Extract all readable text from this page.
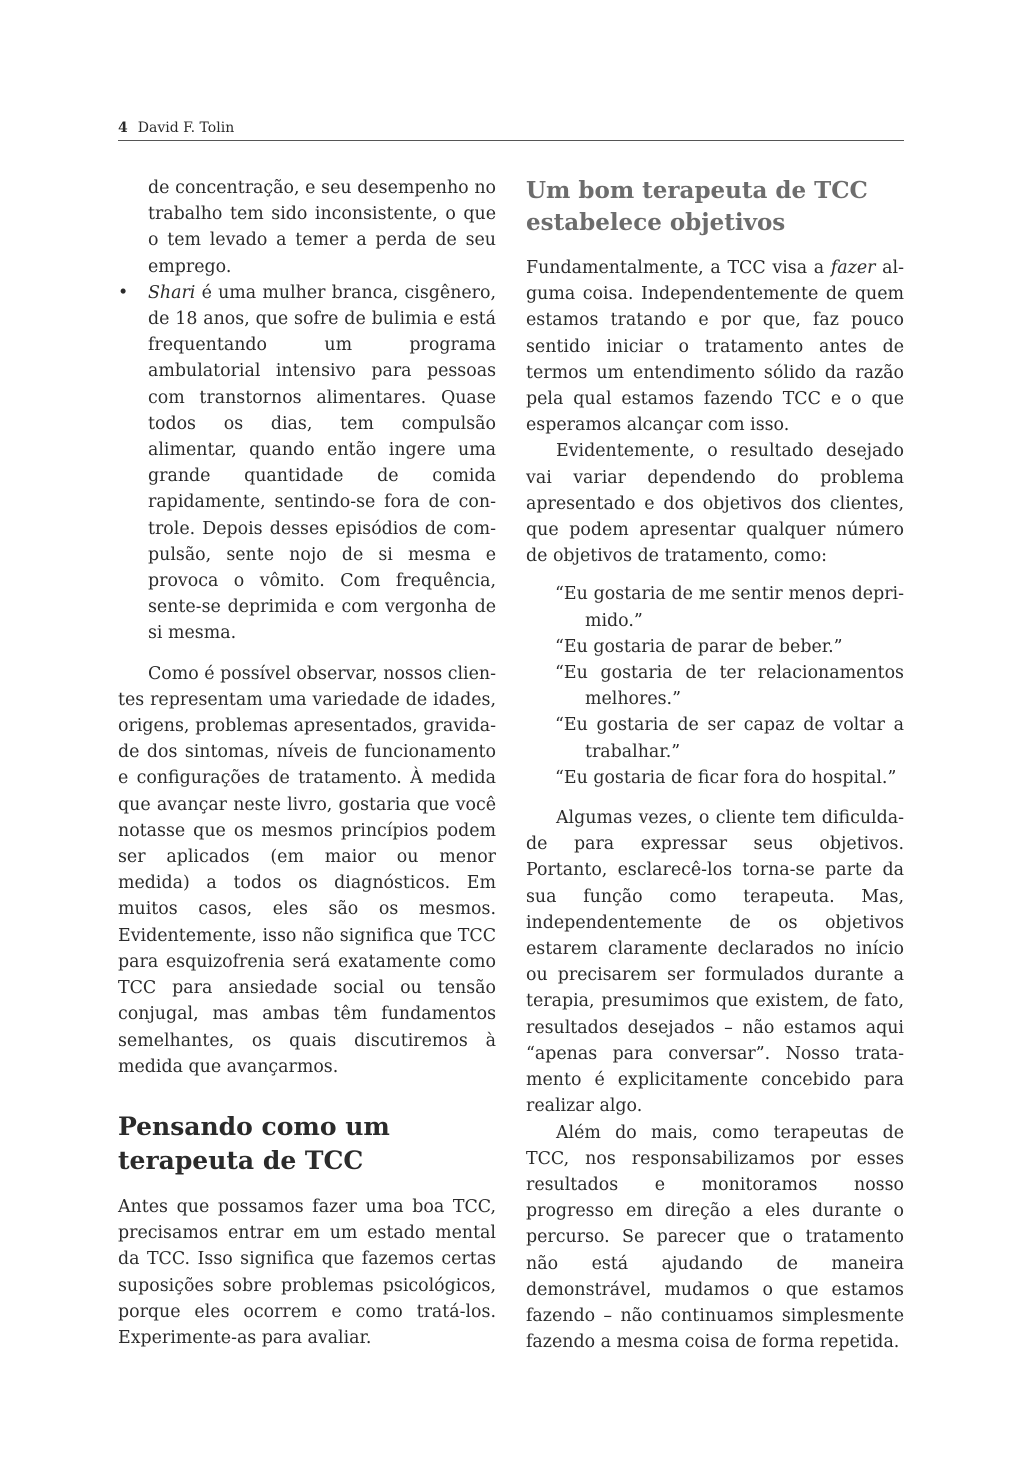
4 David F. Tolin

de concentração, e seu desempenho no trabalho tem sido inconsistente, o que o tem levado a temer a perda de seu emprego.

• Shari é uma mulher branca, cisgênero, de 18 anos, que sofre de bulimia e está frequentando um programa ambulatorial intensivo para pessoas com transtornos alimentares. Quase todos os dias, tem compulsão alimentar, quando então ingere uma grande quantidade de comida rapidamente, sentindo-se fora de controle. Depois desses episódios de compulsão, sente nojo de si mesma e provoca o vômito. Com frequência, sente-se deprimida e com vergonha de si mesma.

Como é possível observar, nossos clientes representam uma variedade de idades, origens, problemas apresentados, gravidade dos sintomas, níveis de funcionamento e configurações de tratamento. À medida que avançar neste livro, gostaria que você notasse que os mesmos princípios podem ser aplicados (em maior ou menor medida) a todos os diagnósticos. Em muitos casos, eles são os mesmos. Evidentemente, isso não significa que TCC para esquizofrenia será exatamente como TCC para ansiedade social ou tensão conjugal, mas ambas têm fundamentos semelhantes, os quais discutiremos à medida que avançarmos.

Pensando como um
terapeuta de TCC

Antes que possamos fazer uma boa TCC, precisamos entrar em um estado mental da TCC. Isso significa que fazemos certas suposições sobre problemas psicológicos, porque eles ocorrem e como tratá-los. Experimente-as para avaliar.

Um bom terapeuta de TCC
estabelece objetivos

Fundamentalmente, a TCC visa a fazer alguma coisa. Independentemente de quem estamos tratando e por que, faz pouco sentido iniciar o tratamento antes de termos um entendimento sólido da razão pela qual estamos fazendo TCC e o que esperamos alcançar com isso.

Evidentemente, o resultado desejado vai variar dependendo do problema apresentado e dos objetivos dos clientes, que podem apresentar qualquer número de objetivos de tratamento, como:

“Eu gostaria de me sentir menos deprimido.”

“Eu gostaria de parar de beber.”

“Eu gostaria de ter relacionamentos melhores.”

“Eu gostaria de ser capaz de voltar a trabalhar.”

“Eu gostaria de ficar fora do hospital.”

Algumas vezes, o cliente tem dificuldade para expressar seus objetivos. Portanto, esclarecê-los torna-se parte da sua função como terapeuta. Mas, independentemente de os objetivos estarem claramente declarados no início ou precisarem ser formulados durante a terapia, presumimos que existem, de fato, resultados desejados – não estamos aqui “apenas para conversar”. Nosso tratamento é explicitamente concebido para realizar algo.

Além do mais, como terapeutas de TCC, nos responsabilizamos por esses resultados e monitoramos nosso progresso em direção a eles durante o percurso. Se parecer que o tratamento não está ajudando de maneira demonstrável, mudamos o que estamos fazendo – não continuamos simplesmente fazendo a mesma coisa de forma repetida.
